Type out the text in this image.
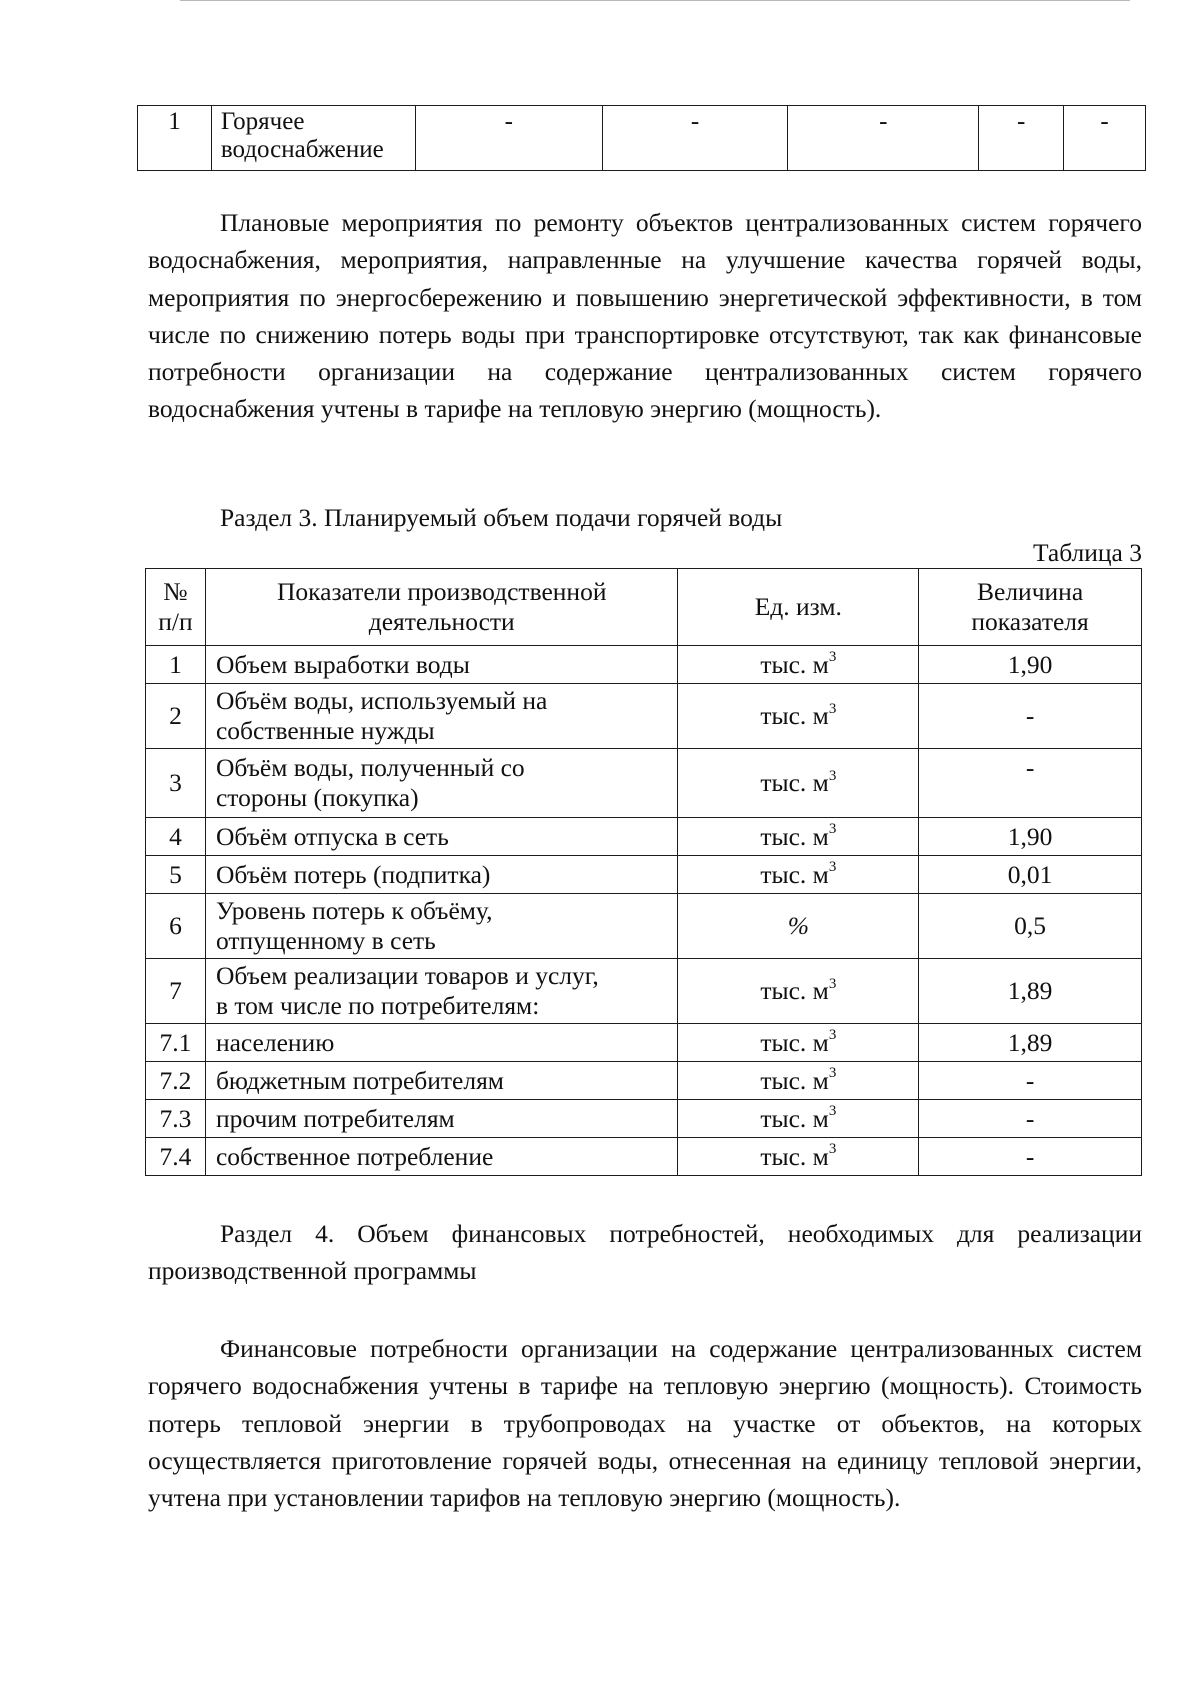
1	Горячее
водоснабжение	-	-	-	-	-

Плановые мероприятия по ремонту объектов централизованных систем горячего водоснабжения, мероприятия, направленные на улучшение качества горячей воды, мероприятия по энергосбережению и повышению энергетической эффективности, в том числе по снижению потерь воды при транспортировке отсутствуют, так как финансовые потребности организации на содержание централизованных систем горячего водоснабжения учтены в тарифе на тепловую энергию (мощность).

Раздел 3. Планируемый объем подачи горячей воды

Таблица 3

№
п/п	Показатели производственной
деятельности	Ед. изм.	Величина
показателя
1	Объем выработки воды	тыс. $м^3$	1,90
2	Объём воды, используемый на
собственные нужды	тыс. $м^3$	-
3	Объём воды, полученный со
стороны (покупка)	тыс. $м^3$	-
4	Объём отпуска в сеть	тыс. $м^3$	1,90
5	Объём потерь (подпитка)	тыс. $м^3$	0,01
6	Уровень потерь к объёму,
отпущенному в сеть	%	0,5
7	Объем реализации товаров и услуг,
в том числе по потребителям:	тыс. $м^3$	1,89
7.1	населению	тыс. $м^3$	1,89
7.2	бюджетным потребителям	тыс. $м^3$	-
7.3	прочим потребителям	тыс. $м^3$	-
7.4	собственное потребление	тыс. $м^3$	-

Раздел 4. Объем финансовых потребностей, необходимых для реализации производственной программы

Финансовые потребности организации на содержание централизованных систем горячего водоснабжения учтены в тарифе на тепловую энергию (мощность). Стоимость потерь тепловой энергии в трубопроводах на участке от объектов, на которых осуществляется приготовление горячей воды, отнесенная на единицу тепловой энергии, учтена при установлении тарифов на тепловую энергию (мощность).
